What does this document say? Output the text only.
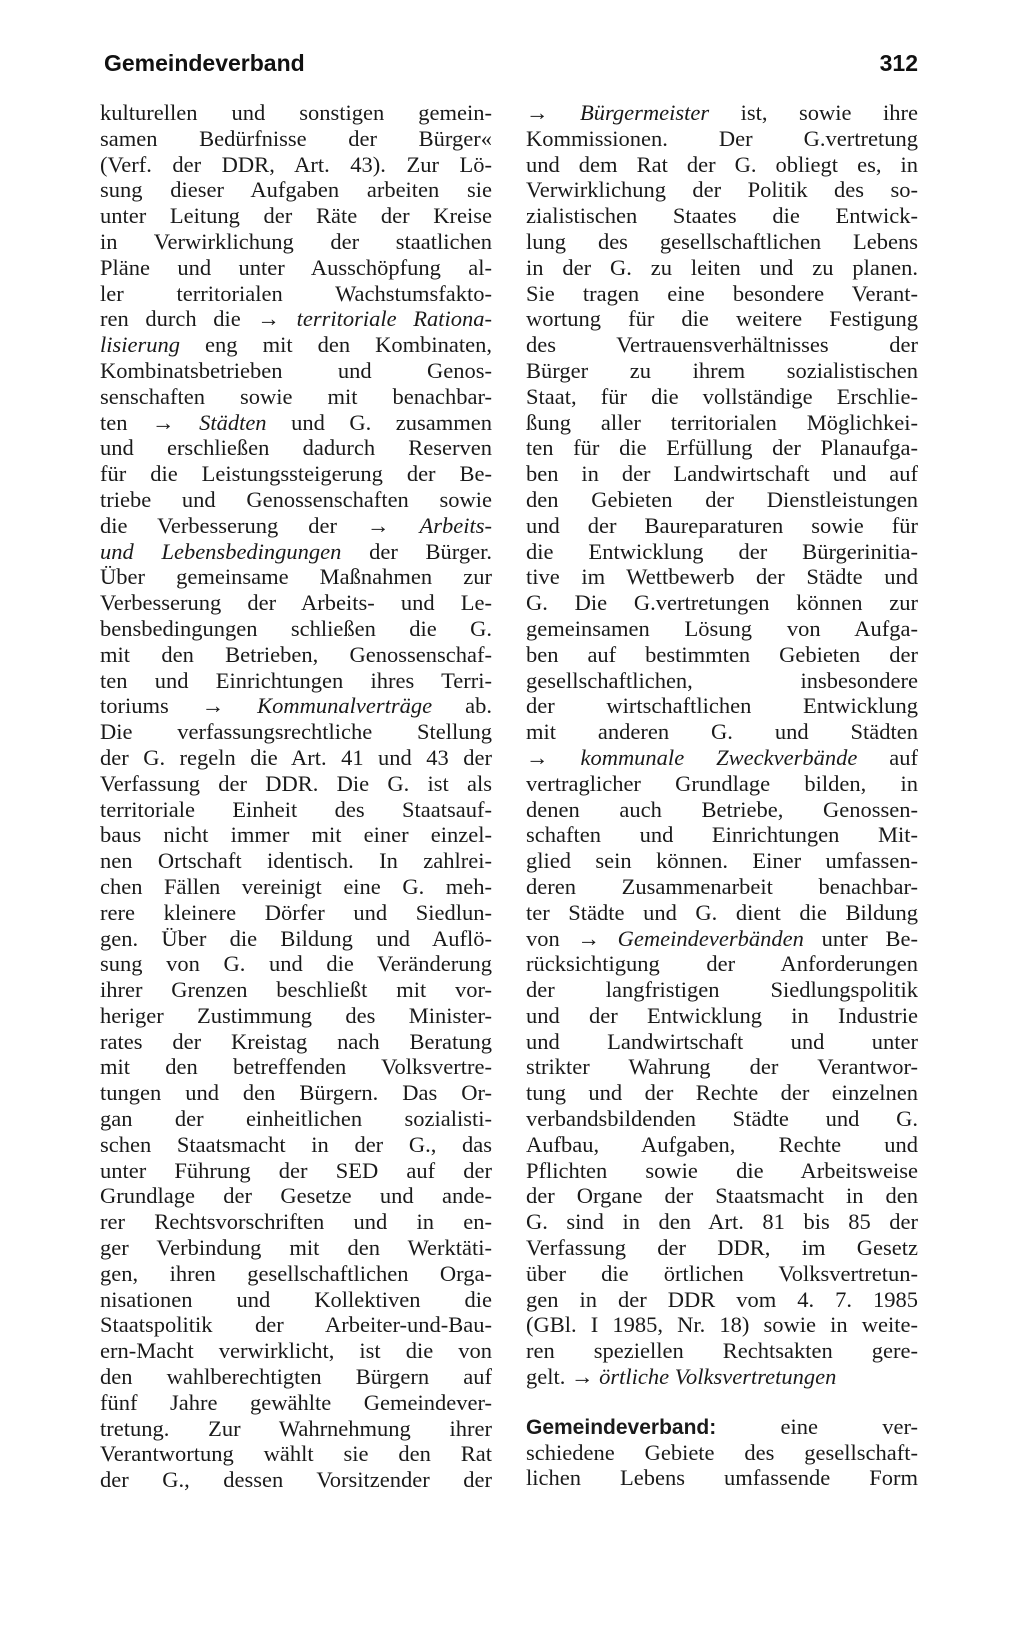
Gemeindeverband	312
kulturellen und sonstigen gemein-
samen Bedürfnisse der Bürger«
(Verf. der DDR, Art. 43). Zur Lö-
sung dieser Aufgaben arbeiten sie
unter Leitung der Räte der Kreise
in Verwirklichung der staatlichen
Pläne und unter Ausschöpfung al-
ler territorialen Wachstumsfakto-
ren durch die → territoriale Rationa-
lisierung eng mit den Kombinaten,
Kombinatsbetrieben und Genos-
senschaften sowie mit benachbar-
ten → Städten und G. zusammen
und erschließen dadurch Reserven
für die Leistungssteigerung der Be-
triebe und Genossenschaften sowie
die Verbesserung der → Arbeits-
und Lebensbedingungen der Bürger.
Über gemeinsame Maßnahmen zur
Verbesserung der Arbeits- und Le-
bensbedingungen schließen die G.
mit den Betrieben, Genossenschaf-
ten und Einrichtungen ihres Terri-
toriums → Kommunalverträge ab.
Die verfassungsrechtliche Stellung
der G. regeln die Art. 41 und 43 der
Verfassung der DDR. Die G. ist als
territoriale Einheit des Staatsauf-
baus nicht immer mit einer einzel-
nen Ortschaft identisch. In zahlrei-
chen Fällen vereinigt eine G. meh-
rere kleinere Dörfer und Siedlun-
gen. Über die Bildung und Auflö-
sung von G. und die Veränderung
ihrer Grenzen beschließt mit vor-
heriger Zustimmung des Minister-
rates der Kreistag nach Beratung
mit den betreffenden Volksvertre-
tungen und den Bürgern. Das Or-
gan der einheitlichen sozialisti-
schen Staatsmacht in der G., das
unter Führung der SED auf der
Grundlage der Gesetze und ande-
rer Rechtsvorschriften und in en-
ger Verbindung mit den Werktäti-
gen, ihren gesellschaftlichen Orga-
nisationen und Kollektiven die
Staatspolitik der Arbeiter-und-Bau-
ern-Macht verwirklicht, ist die von
den wahlberechtigten Bürgern auf
fünf Jahre gewählte Gemeindever-
tretung. Zur Wahrnehmung ihrer
Verantwortung wählt sie den Rat
der G., dessen Vorsitzender der
→ Bürgermeister ist, sowie ihre
Kommissionen. Der G.vertretung
und dem Rat der G. obliegt es, in
Verwirklichung der Politik des so-
zialistischen Staates die Entwick-
lung des gesellschaftlichen Lebens
in der G. zu leiten und zu planen.
Sie tragen eine besondere Verant-
wortung für die weitere Festigung
des Vertrauensverhältnisses der
Bürger zu ihrem sozialistischen
Staat, für die vollständige Erschlie-
ßung aller territorialen Möglichkei-
ten für die Erfüllung der Planaufga-
ben in der Landwirtschaft und auf
den Gebieten der Dienstleistungen
und der Baureparaturen sowie für
die Entwicklung der Bürgerinitia-
tive im Wettbewerb der Städte und
G. Die G.vertretungen können zur
gemeinsamen Lösung von Aufga-
ben auf bestimmten Gebieten der
gesellschaftlichen, insbesondere
der wirtschaftlichen Entwicklung
mit anderen G. und Städten
→ kommunale Zweckverbände auf
vertraglicher Grundlage bilden, in
denen auch Betriebe, Genossen-
schaften und Einrichtungen Mit-
glied sein können. Einer umfassen-
deren Zusammenarbeit benachbar-
ter Städte und G. dient die Bildung
von → Gemeindeverbänden unter Be-
rücksichtigung der Anforderungen
der langfristigen Siedlungspolitik
und der Entwicklung in Industrie
und Landwirtschaft und unter
strikter Wahrung der Verantwor-
tung und der Rechte der einzelnen
verbandsbildenden Städte und G.
Aufbau, Aufgaben, Rechte und
Pflichten sowie die Arbeitsweise
der Organe der Staatsmacht in den
G. sind in den Art. 81 bis 85 der
Verfassung der DDR, im Gesetz
über die örtlichen Volksvertretun-
gen in der DDR vom 4. 7. 1985
(GBl. I 1985, Nr. 18) sowie in weite-
ren speziellen Rechtsakten gere-
gelt. → örtliche Volksvertretungen
Gemeindeverband: eine ver-
schiedene Gebiete des gesellschaft-
lichen Lebens umfassende Form
